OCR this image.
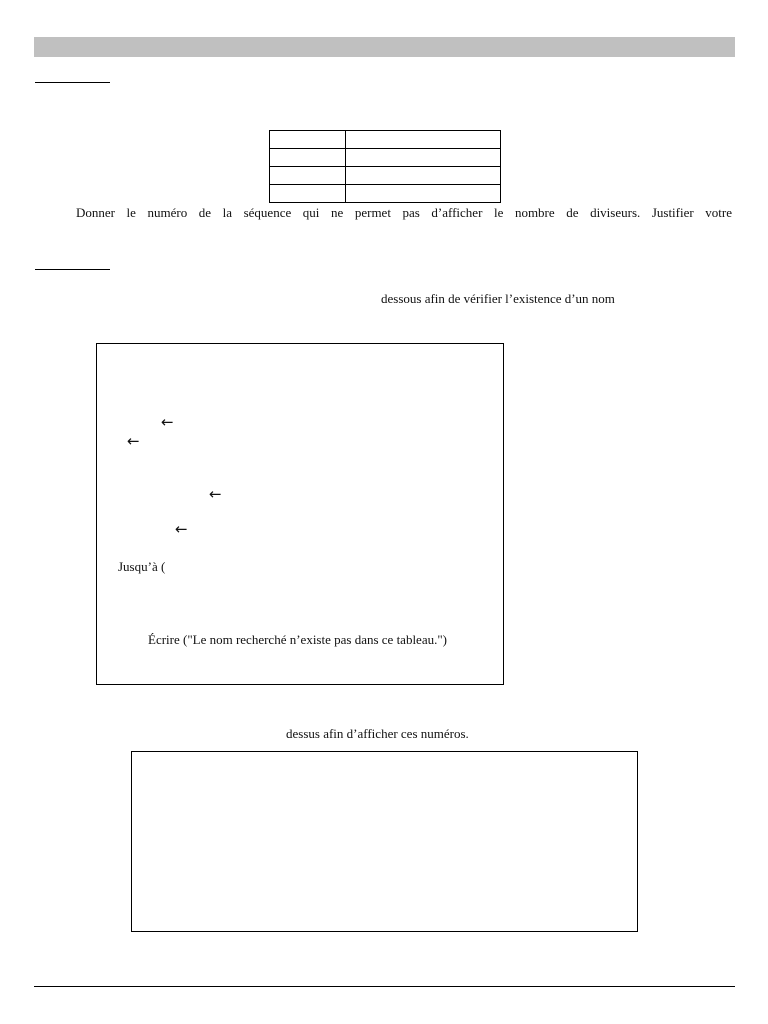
Donner le numéro de la séquence qui ne permet pas d’afficher le nombre de diviseurs. Justifier votre
dessous afin de vérifier l’existence d’un nom
←
←
←
←
Jusqu’à (
Écrire ("Le nom recherché n’existe pas dans ce tableau.")
dessus afin d’afficher ces numéros.
